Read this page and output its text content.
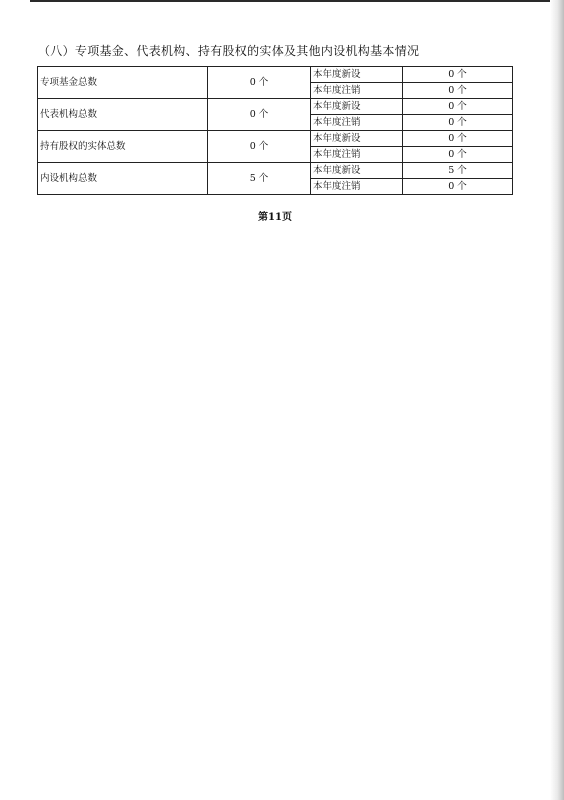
（八）专项基金、代表机构、持有股权的实体及其他内设机构基本情况
专项基金总数	0 个	本年度新设	0 个
		本年度注销	0 个
代表机构总数	0 个	本年度新设	0 个
		本年度注销	0 个
持有股权的实体总数	0 个	本年度新设	0 个
		本年度注销	0 个
内设机构总数	5 个	本年度新设	5 个
		本年度注销	0 个
第11页
